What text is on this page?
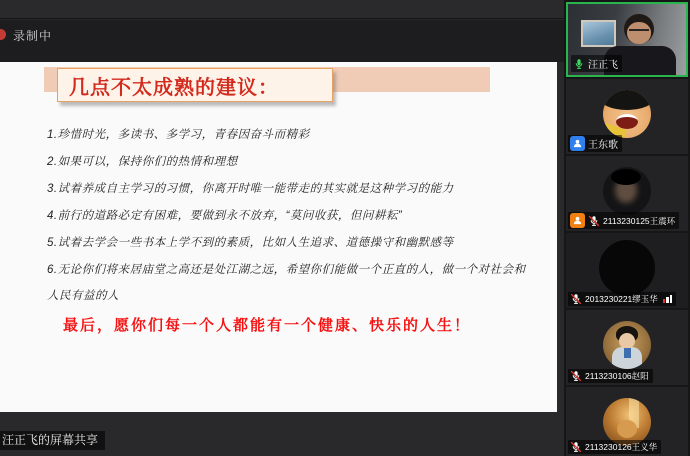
录制中
几点不太成熟的建议：

1.珍惜时光，多读书、多学习，青春因奋斗而精彩

2.如果可以，保持你们的热情和理想

3.试着养成自主学习的习惯，你离开时唯一能带走的其实就是这种学习的能力

4.前行的道路必定有困难，要做到永不放弃，“莫问收获，但问耕耘”

5.试着去学会一些书本上学不到的素质，比如人生追求、道德操守和幽默感等

6.无论你们将来居庙堂之高还是处江湖之远，希望你们能做一个正直的人，做一个对社会和人民有益的人

最后，愿你们每一个人都能有一个健康、快乐的人生！
汪正飞的屏幕共享
汪正飞
王东歌
2113230125王震环
2013230221缪玉华
2113230106赵阳
2113230126王义华
